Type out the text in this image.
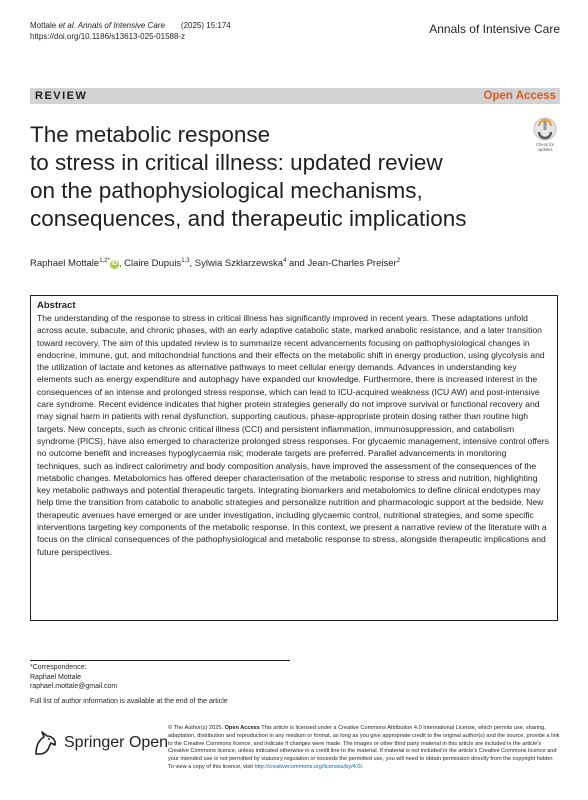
Mottale et al. Annals of Intensive Care (2025) 15:174
https://doi.org/10.1186/s13613-025-01588-z
Annals of Intensive Care
REVIEW	Open Access
Check for
updates
The metabolic response
to stress in critical illness: updated review
on the pathophysiological mechanisms,
consequences, and therapeutic implications
Raphael Mottale$^{1,2*}$iD , Claire Dupuis$^{1,3}$, Sylwia Szklarzewska$^4$ and Jean-Charles Preiser$^2$
Abstract

The understanding of the response to stress in critical illness has significantly improved in recent years. These adaptations unfold across acute, subacute, and chronic phases, with an early adaptive catabolic state, marked anabolic resistance, and a later transition toward recovery. The aim of this updated review is to summarize recent advancements focusing on pathophysiological changes in endocrine, immune, gut, and mitochondrial functions and their effects on the metabolic shift in energy production, using glycolysis and the utilization of lactate and ketones as alternative pathways to meet cellular energy demands. Advances in understanding key elements such as energy expenditure and autophagy have expanded our knowledge. Furthermore, there is increased interest in the consequences of an intense and prolonged stress response, which can lead to ICU-acquired weakness (ICU AW) and post-intensive care syndrome. Recent evidence indicates that higher protein strategies generally do not improve survival or functional recovery and may signal harm in patients with renal dysfunction, supporting cautious, phase-appropriate protein dosing rather than routine high targets. New concepts, such as chronic critical illness (CCI) and persistent inflammation, immunosuppression, and catabolism syndrome (PICS), have also emerged to characterize prolonged stress responses. For glycaemic management, intensive control offers no outcome benefit and increases hypoglycaemia risk; moderate targets are preferred. Parallel advancements in monitoring techniques, such as indirect calorimetry and body composition analysis, have improved the assessment of the consequences of the metabolic changes. Metabolomics has offered deeper characterisation of the metabolic response to stress and nutrition, highlighting key metabolic pathways and potential therapeutic targets. Integrating biomarkers and metabolomics to define clinical endotypes may help time the transition from catabolic to anabolic strategies and personalize nutrition and pharmacologic support at the bedside. New therapeutic avenues have emerged or are under investigation, including glycaemic control, nutritional strategies, and some specific interventions targeting key components of the metabolic response. In this context, we present a narrative review of the literature with a focus on the clinical consequences of the pathophysiological and metabolic response to stress, alongside therapeutic implications and future perspectives.

*Correspondence:
Raphael Mottale
raphael.mottale@gmail.com
Full list of author information is available at the end of the article
Springer Open
© The Author(s) 2025. Open Access This article is licensed under a Creative Commons Attribution 4.0 International License, which permits use, sharing, adaptation, distribution and reproduction in any medium or format, as long as you give appropriate credit to the original author(s) and the source, provide a link to the Creative Commons licence, and indicate if changes were made. The images or other third party material in this article are included in the article's Creative Commons licence, unless indicated otherwise in a credit line to the material. If material is not included in the article's Creative Commons licence and your intended use is not permitted by statutory regulation or exceeds the permitted use, you will need to obtain permission directly from the copyright holder. To view a copy of this licence, visit http://creativecommons.org/licenses/by/4.0/.
